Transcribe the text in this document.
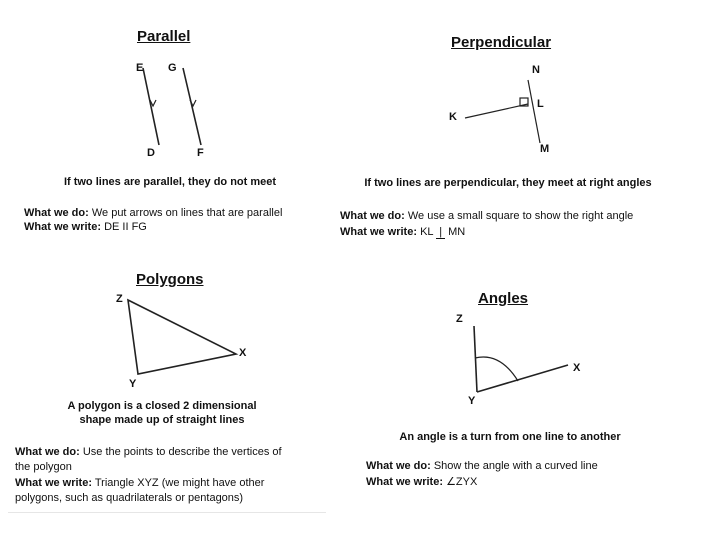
Parallel
E G
D	F
If two lines are parallel, they do not meet
What we do: We put arrows on lines that are parallel
What we write: DE II FG
Perpendicular
N
L
K
M
If two lines are perpendicular, they meet at right angles
What we do: We use a small square to show the right angle
What we write: KL | MN
Polygons
Z
X
Y
A polygon is a closed 2 dimensional
shape made up of straight lines
What we do: Use the points to describe the vertices of
the polygon
What we write: Triangle XYZ (we might have other
polygons, such as quadrilaterals or pentagons)
Angles
Z
X
Y
An angle is a turn from one line to another
What we do: Show the angle with a curved line
What we write: ∠ZYX
